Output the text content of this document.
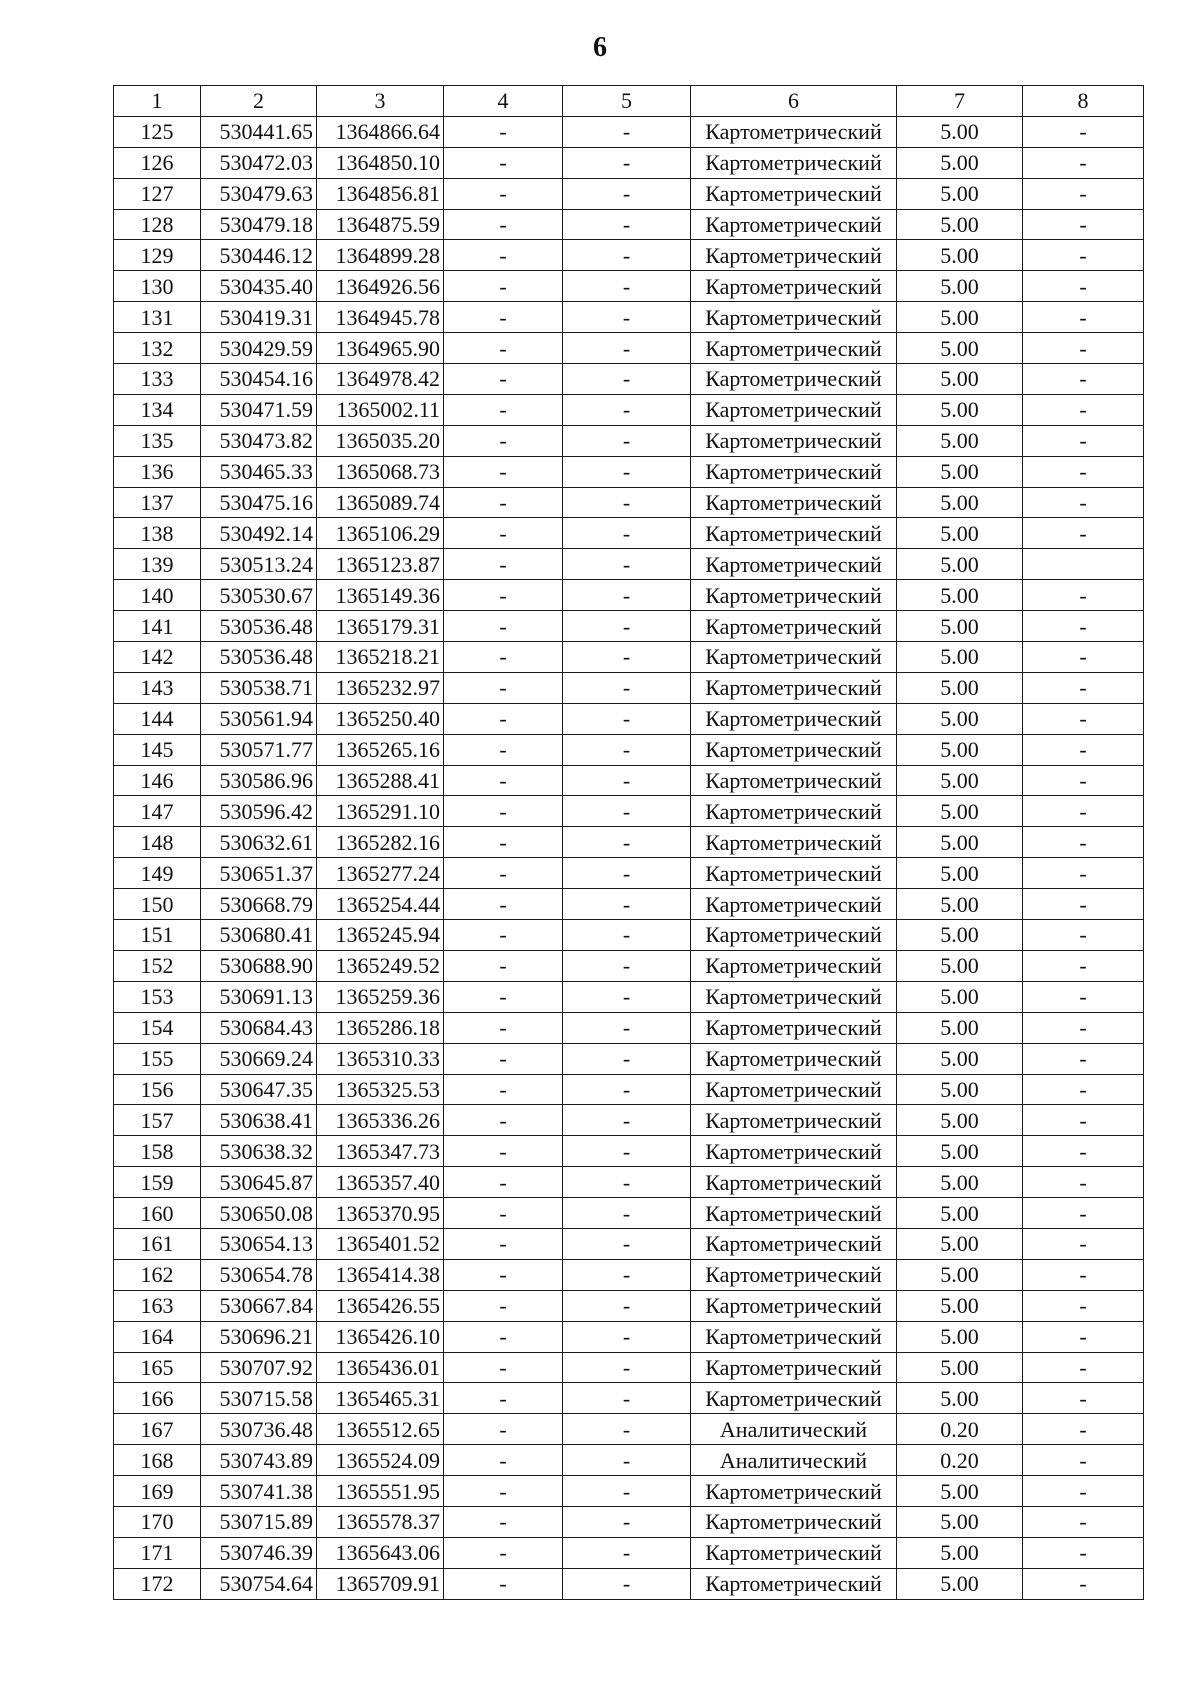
6
1	2	3	4	5	6	7	8
125	530441.65	1364866.64	-	-	Картометрический	5.00	-
126	530472.03	1364850.10	-	-	Картометрический	5.00	-
127	530479.63	1364856.81	-	-	Картометрический	5.00	-
128	530479.18	1364875.59	-	-	Картометрический	5.00	-
129	530446.12	1364899.28	-	-	Картометрический	5.00	-
130	530435.40	1364926.56	-	-	Картометрический	5.00	-
131	530419.31	1364945.78	-	-	Картометрический	5.00	-
132	530429.59	1364965.90	-	-	Картометрический	5.00	-
133	530454.16	1364978.42	-	-	Картометрический	5.00	-
134	530471.59	1365002.11	-	-	Картометрический	5.00	-
135	530473.82	1365035.20	-	-	Картометрический	5.00	-
136	530465.33	1365068.73	-	-	Картометрический	5.00	-
137	530475.16	1365089.74	-	-	Картометрический	5.00	-
138	530492.14	1365106.29	-	-	Картометрический	5.00	-
139	530513.24	1365123.87	-	-	Картометрический	5.00	
140	530530.67	1365149.36	-	-	Картометрический	5.00	-
141	530536.48	1365179.31	-	-	Картометрический	5.00	-
142	530536.48	1365218.21	-	-	Картометрический	5.00	-
143	530538.71	1365232.97	-	-	Картометрический	5.00	-
144	530561.94	1365250.40	-	-	Картометрический	5.00	-
145	530571.77	1365265.16	-	-	Картометрический	5.00	-
146	530586.96	1365288.41	-	-	Картометрический	5.00	-
147	530596.42	1365291.10	-	-	Картометрический	5.00	-
148	530632.61	1365282.16	-	-	Картометрический	5.00	-
149	530651.37	1365277.24	-	-	Картометрический	5.00	-
150	530668.79	1365254.44	-	-	Картометрический	5.00	-
151	530680.41	1365245.94	-	-	Картометрический	5.00	-
152	530688.90	1365249.52	-	-	Картометрический	5.00	-
153	530691.13	1365259.36	-	-	Картометрический	5.00	-
154	530684.43	1365286.18	-	-	Картометрический	5.00	-
155	530669.24	1365310.33	-	-	Картометрический	5.00	-
156	530647.35	1365325.53	-	-	Картометрический	5.00	-
157	530638.41	1365336.26	-	-	Картометрический	5.00	-
158	530638.32	1365347.73	-	-	Картометрический	5.00	-
159	530645.87	1365357.40	-	-	Картометрический	5.00	-
160	530650.08	1365370.95	-	-	Картометрический	5.00	-
161	530654.13	1365401.52	-	-	Картометрический	5.00	-
162	530654.78	1365414.38	-	-	Картометрический	5.00	-
163	530667.84	1365426.55	-	-	Картометрический	5.00	-
164	530696.21	1365426.10	-	-	Картометрический	5.00	-
165	530707.92	1365436.01	-	-	Картометрический	5.00	-
166	530715.58	1365465.31	-	-	Картометрический	5.00	-
167	530736.48	1365512.65	-	-	Аналитический	0.20	-
168	530743.89	1365524.09	-	-	Аналитический	0.20	-
169	530741.38	1365551.95	-	-	Картометрический	5.00	-
170	530715.89	1365578.37	-	-	Картометрический	5.00	-
171	530746.39	1365643.06	-	-	Картометрический	5.00	-
172	530754.64	1365709.91	-	-	Картометрический	5.00	-
